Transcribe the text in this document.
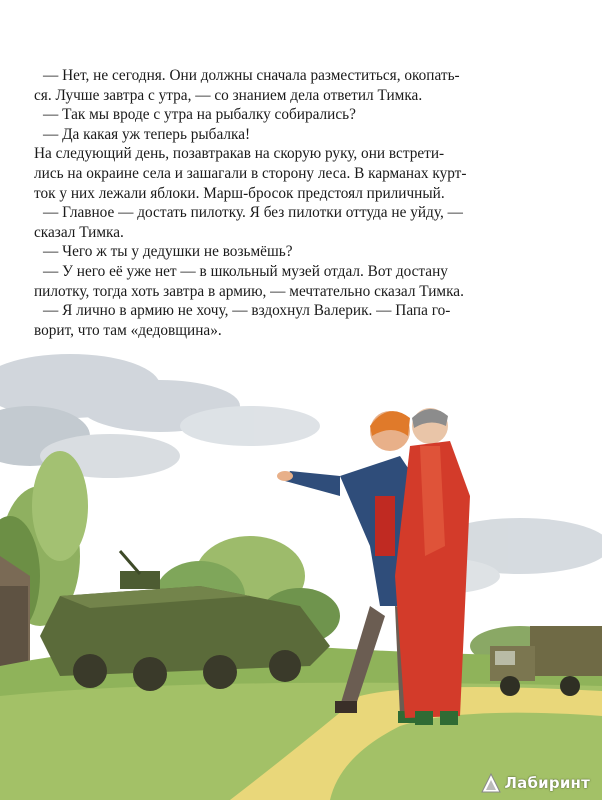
— Нет, не сегодня. Они должны сначала разместиться, окопать-
ся. Лучше завтра с утра, — со знанием дела ответил Тимка.
— Так мы вроде с утра на рыбалку собирались?
— Да какая уж теперь рыбалка!
На следующий день, позавтракав на скорую руку, они встрети-
лись на окраине села и зашагали в сторону леса. В карманах курт-
ток у них лежали яблоки. Марш-бросок предстоял приличный.
— Главное — достать пилотку. Я без пилотки оттуда не уйду, —
сказал Тимка.
— Чего ж ты у дедушки не возьмёшь?
— У него её уже нет — в школьный музей отдал. Вот достану
пилотку, тогда хоть завтра в армию, — мечтательно сказал Тимка.
— Я лично в армию не хочу, — вздохнул Валерик. — Папа го-
ворит, что там «дедовщина».
Лабиринт
